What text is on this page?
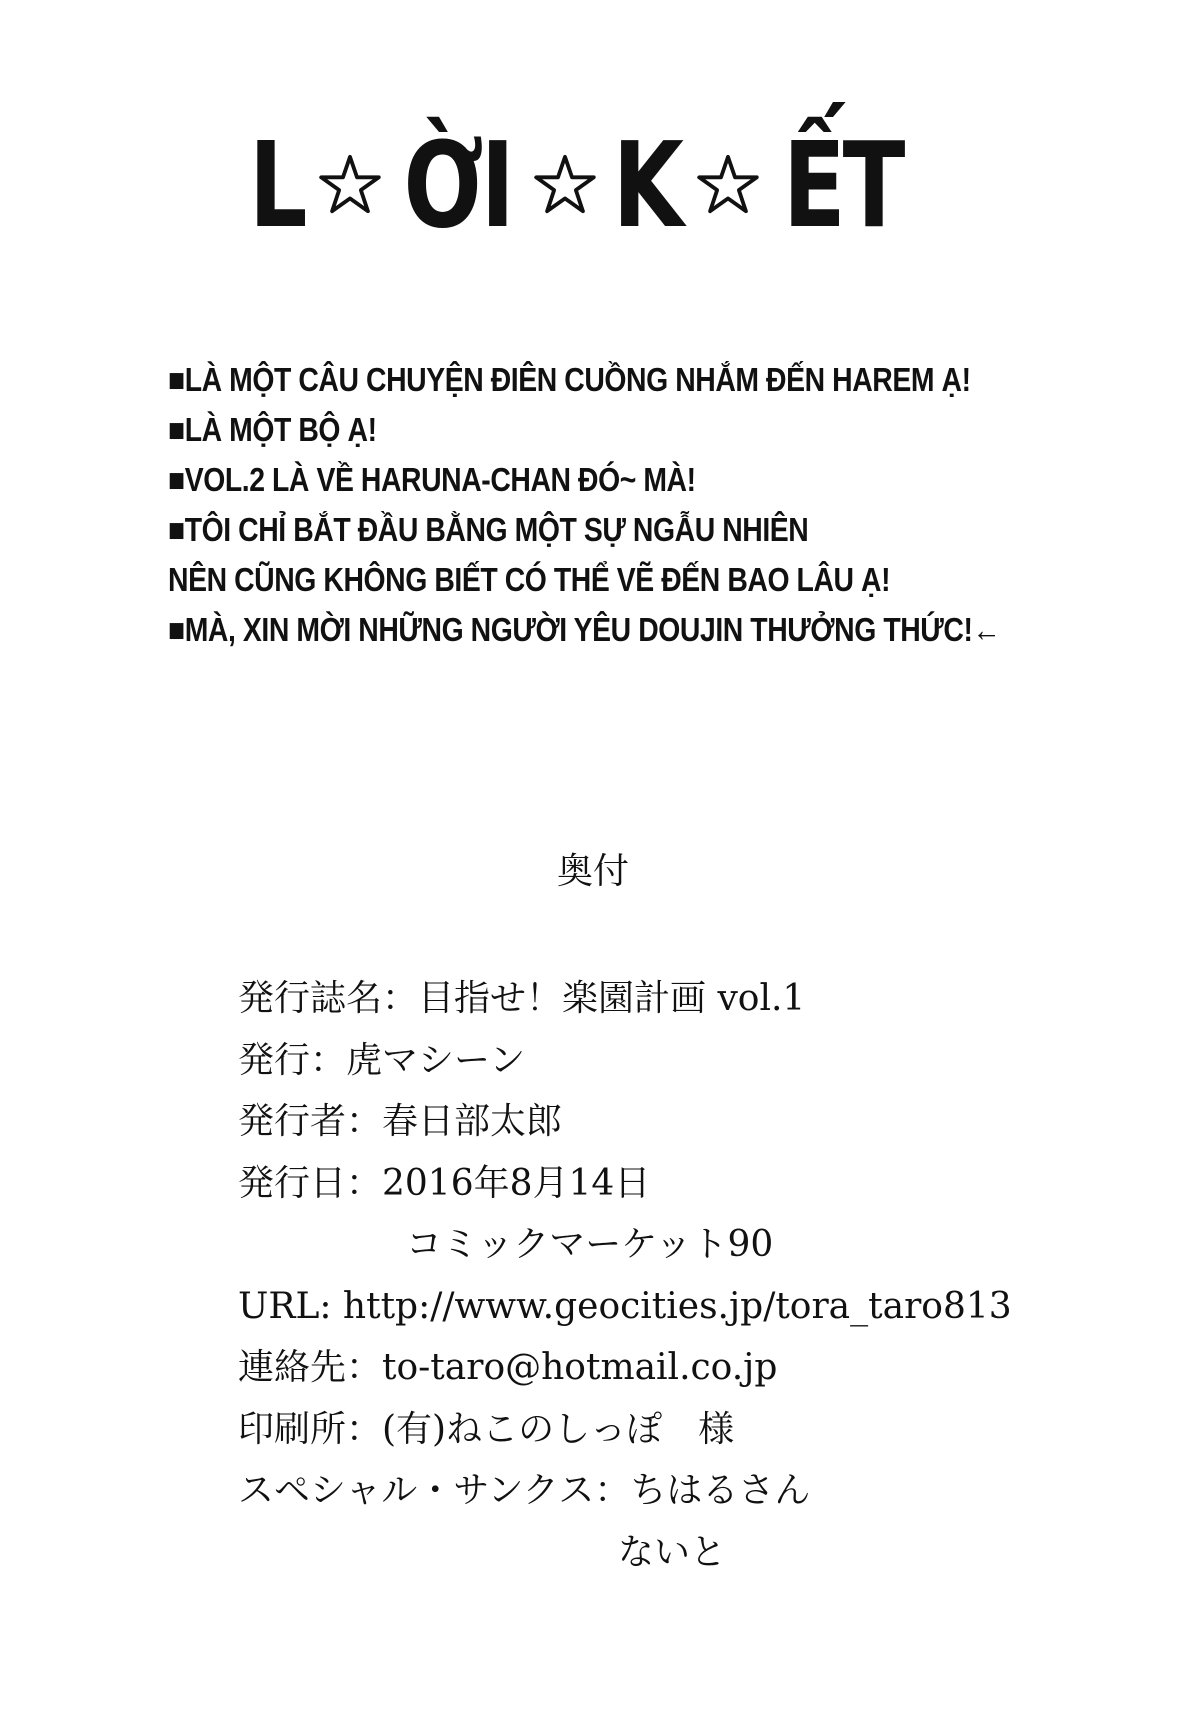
L ỜI K ẾT
■LÀ MỘT CÂU CHUYỆN ĐIÊN CUỒNG NHẮM ĐẾN HAREM Ạ!
■LÀ MỘT BỘ Ạ!
■VOL.2 LÀ VỀ HARUNA-CHAN ĐÓ~ MÀ!
■TÔI CHỈ BẮT ĐẦU BẰNG MỘT SỰ NGẪU NHIÊN
NÊN CŨNG KHÔNG BIẾT CÓ THỂ VẼ ĐẾN BAO LÂU Ạ!
■MÀ, XIN MỜI NHỮNG NGƯỜI YÊU DOUJIN THƯỞNG THỨC!←
奥付
発行誌名：目指せ！楽園計画 vol.1
発行：虎マシーン
発行者：春日部太郎
発行日：2016年8月14日
コミックマーケット90
URL: http://www.geocities.jp/tora_taro813
連絡先：to-taro@hotmail.co.jp
印刷所：(有)ねこのしっぽ　様
スペシャル・サンクス：ちはるさん
ないと
